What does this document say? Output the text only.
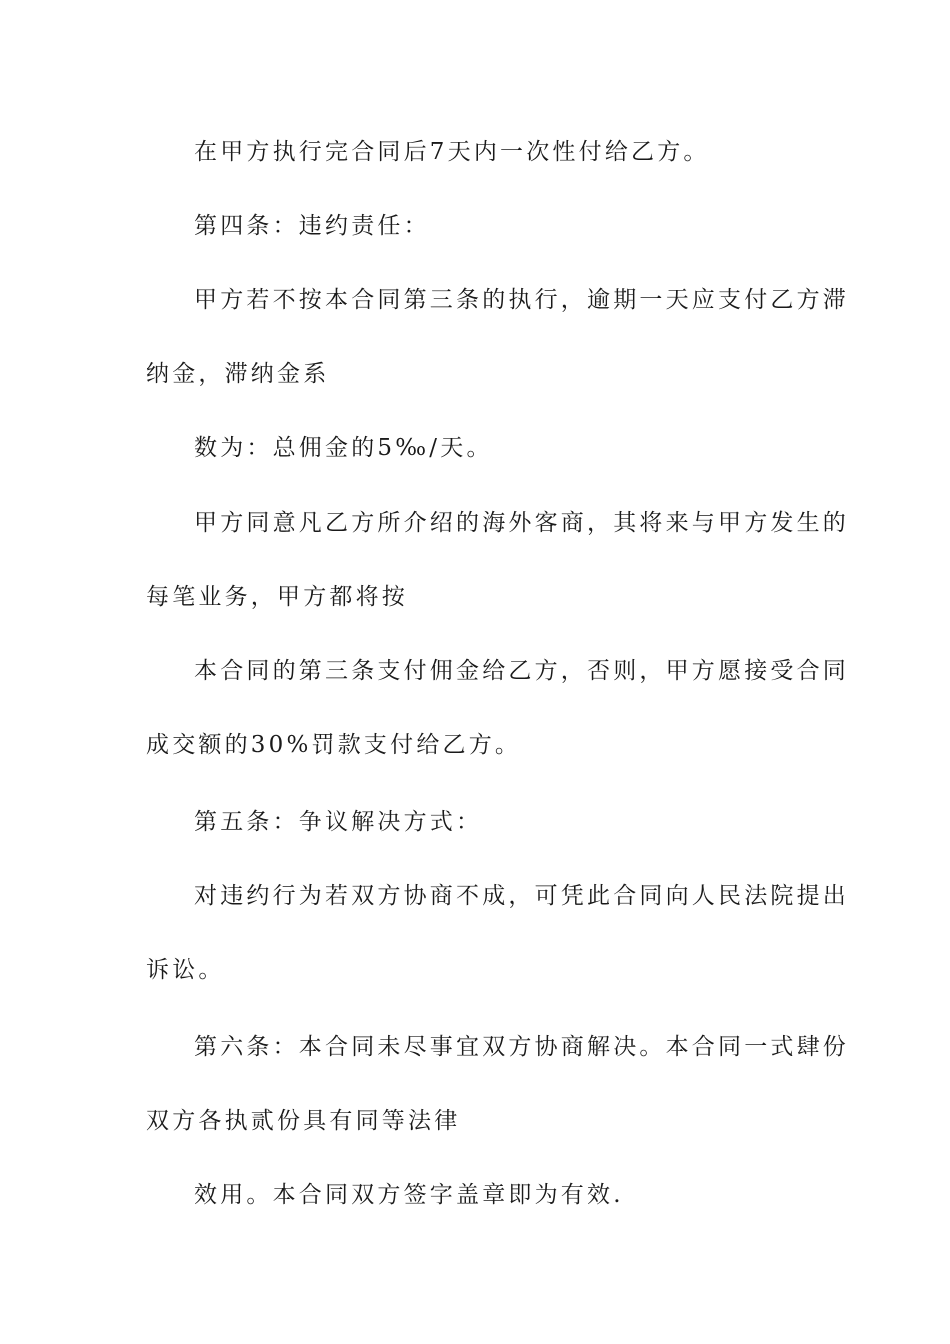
在甲方执行完合同后7天内一次性付给乙方。
第四条：违约责任：
甲方若不按本合同第三条的执行，逾期一天应支付乙方滞
纳金，滞纳金系
数为：总佣金的5‰/天。
甲方同意凡乙方所介绍的海外客商，其将来与甲方发生的
每笔业务，甲方都将按
本合同的第三条支付佣金给乙方，否则，甲方愿接受合同
成交额的30%罚款支付给乙方。
第五条：争议解决方式：
对违约行为若双方协商不成，可凭此合同向人民法院提出
诉讼。
第六条：本合同未尽事宜双方协商解决。本合同一式肆份
双方各执贰份具有同等法律
效用。本合同双方签字盖章即为有效.
